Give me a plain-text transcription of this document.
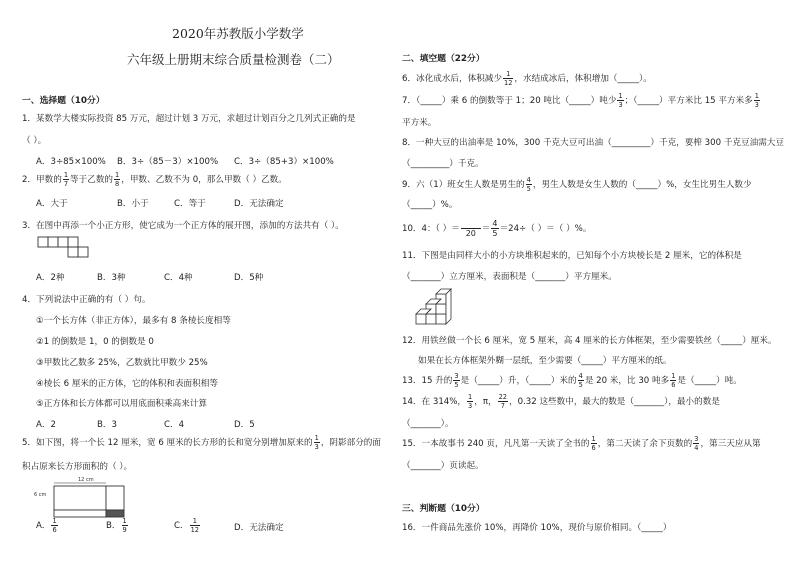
2020年苏教版小学数学
六年级上册期末综合质量检测卷（二）
一、选择题（10分）
1．某数学大楼实际投资 85 万元，超过计划 3 万元，求超过计划百分之几列式正确的是
（ ）。
A．3÷85×100% B．3÷（85－3）×100% C．3÷（85+3）×100%
2．甲数的 $\frac{1}{7}$ 等于乙数的 $\frac{1}{8}$ ，甲数、乙数不为 0，那么甲数（ ）乙数。
A．大于	B．小于	C．等于	D．无法确定
3．在图中再添一个小正方形，使它成为一个正方体的展开图，添加的方法共有（ ）。
A．2种	B．3种	C．4种	D．5种
4．下列说法中正确的有（ ）句。
①一个长方体（非正方体），最多有 8 条棱长度相等
②1 的倒数是 1，0 的倒数是 0
③甲数比乙数多 25%，乙数就比甲数少 25%
④棱长 6 厘米的正方体，它的体积和表面积相等
⑤正方体和长方体都可以用底面积乘高来计算
A．2	B．3	C．4	D．5
5．如下图，将一个长 12 厘米，宽 6 厘米的长方形的长和宽分别增加原来的 $\frac{1}{3}$ ，阴影部分的面
积占原来长方形面积的（ ）。
12 cm
6 cm
A． $\frac{1}{6}$	B． $\frac{1}{9}$	C． $\frac{1}{12}$	D．无法确定
二、填空题（22分）
6．冰化成水后，体积减少 $\frac{1}{12}$ ，水结成冰后，体积增加（_____）。
7．（_____）乘 6 的倒数等于 1；20 吨比（_____）吨少 $\frac{1}{3}$ ；（_____）平方米比 15 平方米多 $\frac{1}{3}$
平方米。
8．一种大豆的出油率是 10%，300 千克大豆可出油（_________）千克，要榨 300 千克豆油需大豆
（_________）千克。
9．六（1）班女生人数是男生的 $\frac{4}{5}$ ，男生人数是女生人数的（_____）%，女生比男生人数少
（_____）%。
10．4：（ ）＝
$20 = \frac{4}{5} =24\div$（ ）＝（ ）%。
11．下图是由同样大小的小方块堆积起来的，已知每个小方块棱长是 2 厘米，它的体积是
（_______）立方厘米，表面积是（_______）平方厘米。
12．用铁丝做一个长 6 厘米，宽 5 厘米，高 4 厘米的长方体框架，至少需要铁丝（_____）厘米。
如果在长方体框架外糊一层纸，至少需要（_____）平方厘米的纸。
13．15 升的 $\frac{3}{5}$ 是（_____）升，（_____）米的 $\frac{4}{5}$ 是 20 米，比 30 吨多 $\frac{1}{6}$ 是（_____）吨。
14．在 314%， $\frac{1}{3}$ ，π， $\frac{22}{7}$ ，0.32 这些数中，最大的数是（_______），最小的数是
（_______）。
15．一本故事书 240 页，凡凡第一天读了全书的 $\frac{1}{6}$ ，第二天读了余下页数的 $\frac{3}{4}$ ，第三天应从第
（_______）页读起。
三、判断题（10分）
16．一件商品先涨价 10%，再降价 10%，现价与原价相同。（_____）
